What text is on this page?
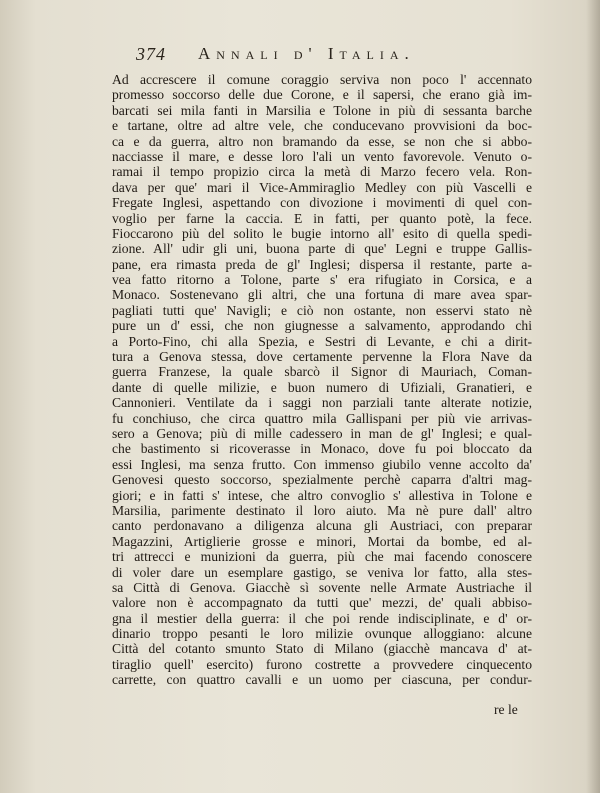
374 Annali d' Italia.
Ad accrescere il comune coraggio serviva non poco l' accennato
promesso soccorso delle due Corone, e il sapersi, che erano già im-
barcati sei mila fanti in Marsilia e Tolone in più di sessanta barche
e tartane, oltre ad altre vele, che conducevano provvisioni da boc-
ca e da guerra, altro non bramando da esse, se non che si abbo-
nacciasse il mare, e desse loro l'ali un vento favorevole. Venuto o-
ramai il tempo propizio circa la metà di Marzo fecero vela. Ron-
dava per que' mari il Vice-Ammiraglio Medley con più Vascelli e
Fregate Inglesi, aspettando con divozione i movimenti di quel con-
voglio per farne la caccia. E in fatti, per quanto potè, la fece.
Fioccarono più del solito le bugie intorno all' esito di quella spedi-
zione. All' udir gli uni, buona parte di que' Legni e truppe Gallis-
pane, era rimasta preda de gl' Inglesi; dispersa il restante, parte a-
vea fatto ritorno a Tolone, parte s' era rifugiato in Corsica, e a
Monaco. Sostenevano gli altri, che una fortuna di mare avea spar-
pagliati tutti que' Navigli; e ciò non ostante, non esservi stato nè
pure un d' essi, che non giugnesse a salvamento, approdando chi
a Porto-Fino, chi alla Spezia, e Sestri di Levante, e chi a dirit-
tura a Genova stessa, dove certamente pervenne la Flora Nave da
guerra Franzese, la quale sbarcò il Signor di Mauriach, Coman-
dante di quelle milizie, e buon numero di Ufiziali, Granatieri, e
Cannonieri. Ventilate da i saggi non parziali tante alterate notizie,
fu conchiuso, che circa quattro mila Gallispani per più vie arrivas-
sero a Genova; più di mille cadessero in man de gl' Inglesi; e qual-
che bastimento si ricoverasse in Monaco, dove fu poi bloccato da
essi Inglesi, ma senza frutto. Con immenso giubilo venne accolto da'
Genovesi questo soccorso, spezialmente perchè caparra d'altri mag-
giori; e in fatti s' intese, che altro convoglio s' allestiva in Tolone e
Marsilia, parimente destinato il loro aiuto. Ma nè pure dall' altro
canto perdonavano a diligenza alcuna gli Austriaci, con preparar
Magazzini, Artiglierie grosse e minori, Mortai da bombe, ed al-
tri attrecci e munizioni da guerra, più che mai facendo conoscere
di voler dare un esemplare gastigo, se veniva lor fatto, alla stes-
sa Città di Genova. Giacchè sì sovente nelle Armate Austriache il
valore non è accompagnato da tutti que' mezzi, de' quali abbiso-
gna il mestier della guerra: il che poi rende indisciplinate, e d' or-
dinario troppo pesanti le loro milizie ovunque alloggiano: alcune
Città del cotanto smunto Stato di Milano (giacchè mancava d' at-
tiraglio quell' esercito) furono costrette a provvedere cinquecento
carrette, con quattro cavalli e un uomo per ciascuna, per condur-
re le
